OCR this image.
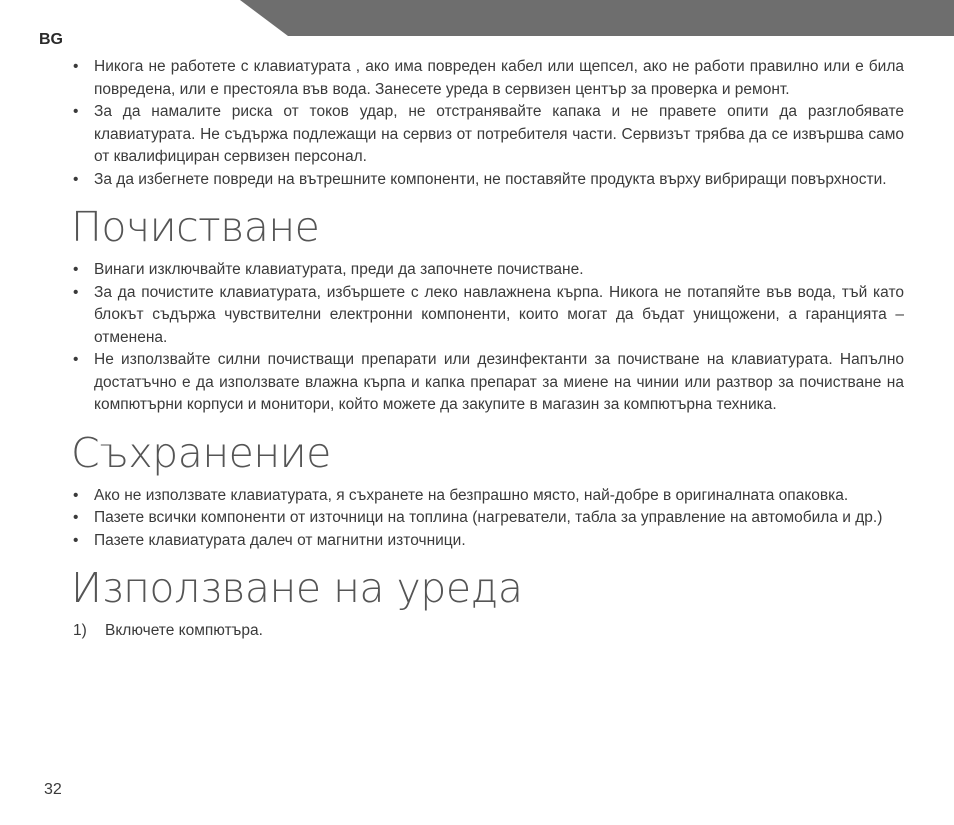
BG
• Никога не работете с клавиатурата , ако има повреден кабел или щепсел, ако не работи правилно или е била повредена, или е престояла във вода. Занесете уреда в сервизен център за проверка и ремонт.
• За да намалите риска от токов удар, не отстранявайте капака и не правете опити да разглобявате клавиатурата. Не съдържа подлежащи на сервиз от потребителя части. Сервизът трябва да се извършва само от квалифициран сервизен персонал.
• За да избегнете повреди на вътрешните компоненти, не поставяйте продукта върху вибриращи повърхности.
Почистване
• Винаги изключвайте клавиатурата, преди да започнете почистване.
• За да почистите клавиатурата, избършете с леко навлажнена кърпа. Никога не потапяйте във вода, тъй като блокът съдържа чувствителни електронни компоненти, които могат да бъдат унищожени, а гаранцията – отменена.
• Не използвайте силни почистващи препарати или дезинфектанти за почистване на клавиатурата. Напълно достатъчно е да използвате влажна кърпа и капка препарат за миене на чинии или разтвор за почистване на компютърни корпуси и монитори, който можете да закупите в магазин за компютърна техника.
Съхранение
• Ако не използвате клавиатурата, я съхранете на безпрашно място, най-добре в оригиналната опаковка.
• Пазете всички компоненти от източници на топлина (нагреватели, табла за управление на автомобила и др.)
• Пазете клавиатурата далеч от магнитни източници.
Използване на уреда
1)	Включете компютъра.
32
